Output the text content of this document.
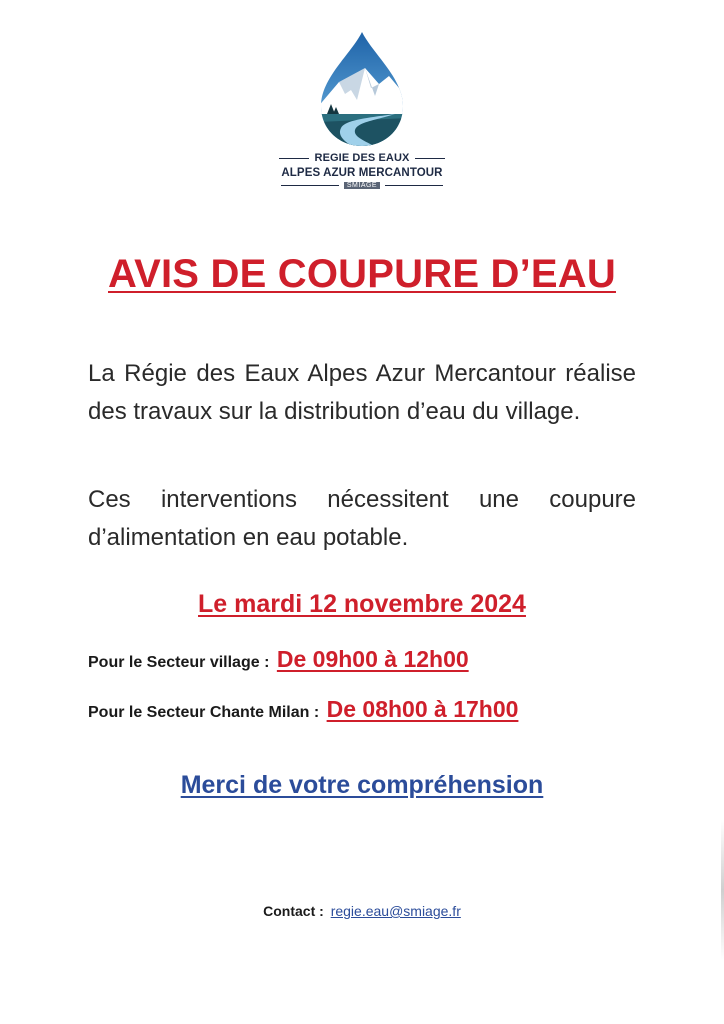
REGIE DES EAUX
ALPES AZUR MERCANTOUR
SMIAGE
AVIS DE COUPURE D’EAU
La Régie des Eaux Alpes Azur Mercantour réalise des travaux sur la distribution d’eau du village.
Ces interventions nécessitent une coupure d’alimentation en eau potable.
Le mardi 12 novembre 2024
Pour le Secteur village : De 09h00 à 12h00
Pour le Secteur Chante Milan : De 08h00 à 17h00
Merci de votre compréhension
Contact : regie.eau@smiage.fr
